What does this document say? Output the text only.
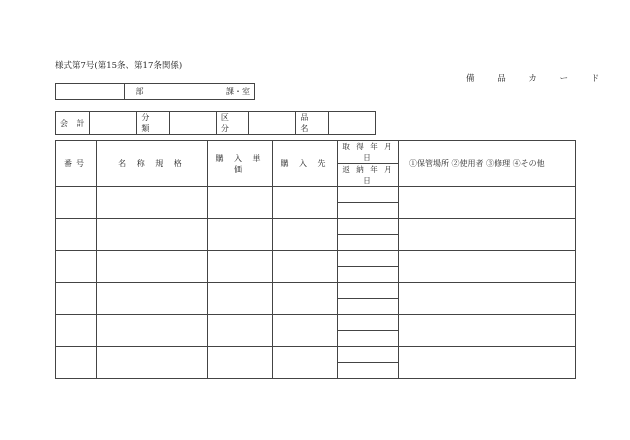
様式第7号(第15条、第17条関係)
備 品 カ ー ド
	部	課・室
会 計		分 類		区 分		品 名	
番号	名 称 規 格	購 入 単 価	購 入 先	取 得 年 月 日	①保管場所 ②使用者 ③修理 ④その他
				返 納 年 月 日	
